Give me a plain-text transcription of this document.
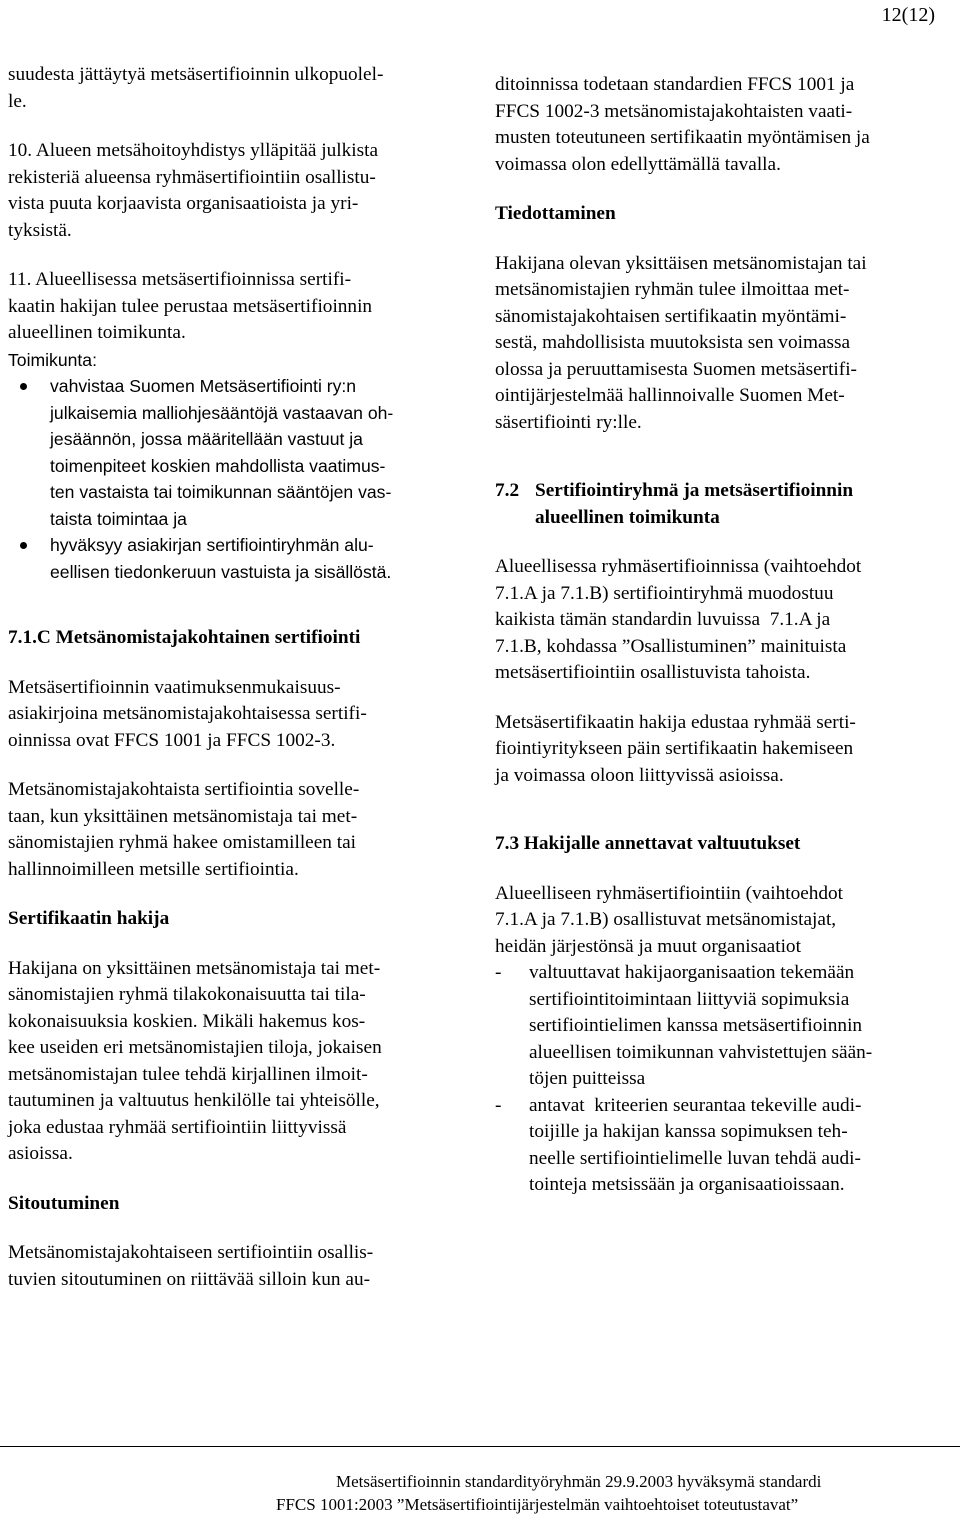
12(12)

suudesta jättäytyä metsäsertifioinnin ulkopuolel-
le.

10. Alueen metsähoitoyhdistys ylläpitää julkista
rekisteriä alueensa ryhmäsertifiointiin osallistu-
vista puuta korjaavista organisaatioista ja yri-
tyksistä.

11. Alueellisessa metsäsertifioinnissa sertifi-
kaatin hakijan tulee perustaa metsäsertifioinnin
alueellinen toimikunta.

Toimikunta:

vahvistaa Suomen Metsäsertifiointi ry:n
julkaisemia malliohjesääntöjä vastaavan oh-
jesäännön, jossa määritellään vastuut ja
toimenpiteet koskien mahdollista vaatimus-
ten vastaista tai toimikunnan sääntöjen vas-
taista toimintaa ja
hyväksyy asiakirjan sertifiointiryhmän alu-
eellisen tiedonkeruun vastuista ja sisällöstä.

7.1.C Metsänomistajakohtainen sertifiointi

Metsäsertifioinnin vaatimuksenmukaisuus-
asiakirjoina metsänomistajakohtaisessa sertifi-
oinnissa ovat FFCS 1001 ja FFCS 1002-3.

Metsänomistajakohtaista sertifiointia sovelle-
taan, kun yksittäinen metsänomistaja tai met-
sänomistajien ryhmä hakee omistamilleen tai
hallinnoimilleen metsille sertifiointia.

Sertifikaatin hakija

Hakijana on yksittäinen metsänomistaja tai met-
sänomistajien ryhmä tilakokonaisuutta tai tila-
kokonaisuuksia koskien. Mikäli hakemus kos-
kee useiden eri metsänomistajien tiloja, jokaisen
metsänomistajan tulee tehdä kirjallinen ilmoit-
tautuminen ja valtuutus henkilölle tai yhteisölle,
joka edustaa ryhmää sertifiointiin liittyvissä
asioissa.

Sitoutuminen

Metsänomistajakohtaiseen sertifiointiin osallis-
tuvien sitoutuminen on riittävää silloin kun au-

ditoinnissa todetaan standardien FFCS 1001 ja
FFCS 1002-3 metsänomistajakohtaisten vaati-
musten toteutuneen sertifikaatin myöntämisen ja
voimassa olon edellyttämällä tavalla.

Tiedottaminen

Hakijana olevan yksittäisen metsänomistajan tai
metsänomistajien ryhmän tulee ilmoittaa met-
sänomistajakohtaisen sertifikaatin myöntämi-
sestä, mahdollisista muutoksista sen voimassa
olossa ja peruuttamisesta Suomen metsäsertifi-
ointijärjestelmää hallinnoivalle Suomen Met-
säsertifiointi ry:lle.

7.2 Sertifiointiryhmä ja metsäsertifioinnin
alueellinen toimikunta

Alueellisessa ryhmäsertifioinnissa (vaihtoehdot
7.1.A ja 7.1.B) sertifiointiryhmä muodostuu
kaikista tämän standardin luvuissa  7.1.A ja
7.1.B, kohdassa ”Osallistuminen” mainituista
metsäsertifiointiin osallistuvista tahoista.

Metsäsertifikaatin hakija edustaa ryhmää serti-
fiointiyritykseen päin sertifikaatin hakemiseen
ja voimassa oloon liittyvissä asioissa.

7.3 Hakijalle annettavat valtuutukset

Alueelliseen ryhmäsertifiointiin (vaihtoehdot
7.1.A ja 7.1.B) osallistuvat metsänomistajat,
heidän järjestönsä ja muut organisaatiot

- valtuuttavat hakijaorganisaation tekemään
sertifiointitoimintaan liittyviä sopimuksia
sertifiointielimen kanssa metsäsertifioinnin
alueellisen toimikunnan vahvistettujen sään-
töjen puitteissa
- antavat  kriteerien seurantaa tekeville audi-
toijille ja hakijan kanssa sopimuksen teh-
neelle sertifiointielimelle luvan tehdä audi-
tointeja metsissään ja organisaatioissaan.
Metsäsertifioinnin standardityöryhmän 29.9.2003 hyväksymä standardi
FFCS 1001:2003 ”Metsäsertifiointijärjestelmän vaihtoehtoiset toteutustavat”
